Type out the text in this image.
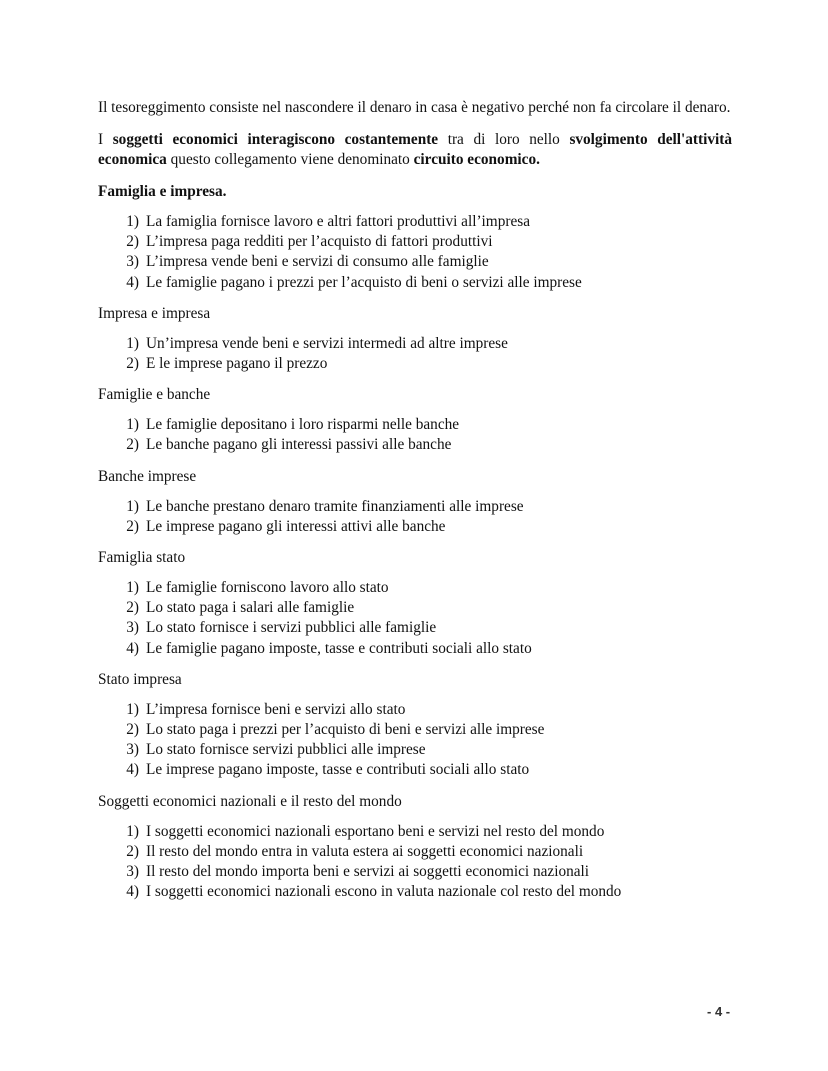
Il tesoreggimento consiste nel nascondere il denaro in casa è negativo perché non fa circolare il denaro.

I soggetti economici interagiscono costantemente tra di loro nello svolgimento dell'attività economica questo collegamento viene denominato circuito economico.

Famiglia e impresa.

1) La famiglia fornisce lavoro e altri fattori produttivi all’impresa
2) L’impresa paga redditi per l’acquisto di fattori produttivi
3) L’impresa vende beni e servizi di consumo alle famiglie
4) Le famiglie pagano i prezzi per l’acquisto di beni o servizi alle imprese

Impresa e impresa

1) Un’impresa vende beni e servizi intermedi ad altre imprese
2) E le imprese pagano il prezzo

Famiglie e banche

1) Le famiglie depositano i loro risparmi nelle banche
2) Le banche pagano gli interessi passivi alle banche

Banche imprese

1) Le banche prestano denaro tramite finanziamenti alle imprese
2) Le imprese pagano gli interessi attivi alle banche

Famiglia stato

1) Le famiglie forniscono lavoro allo stato
2) Lo stato paga i salari alle famiglie
3) Lo stato fornisce i servizi pubblici alle famiglie
4) Le famiglie pagano imposte, tasse e contributi sociali allo stato

Stato impresa

1) L’impresa fornisce beni e servizi allo stato
2) Lo stato paga i prezzi per l’acquisto di beni e servizi alle imprese
3) Lo stato fornisce servizi pubblici alle imprese
4) Le imprese pagano imposte, tasse e contributi sociali allo stato

Soggetti economici nazionali e il resto del mondo

1) I soggetti economici nazionali esportano beni e servizi nel resto del mondo
2) Il resto del mondo entra in valuta estera ai soggetti economici nazionali
3) Il resto del mondo importa beni e servizi ai soggetti economici nazionali
4) I soggetti economici nazionali escono in valuta nazionale col resto del mondo
- 4 -
